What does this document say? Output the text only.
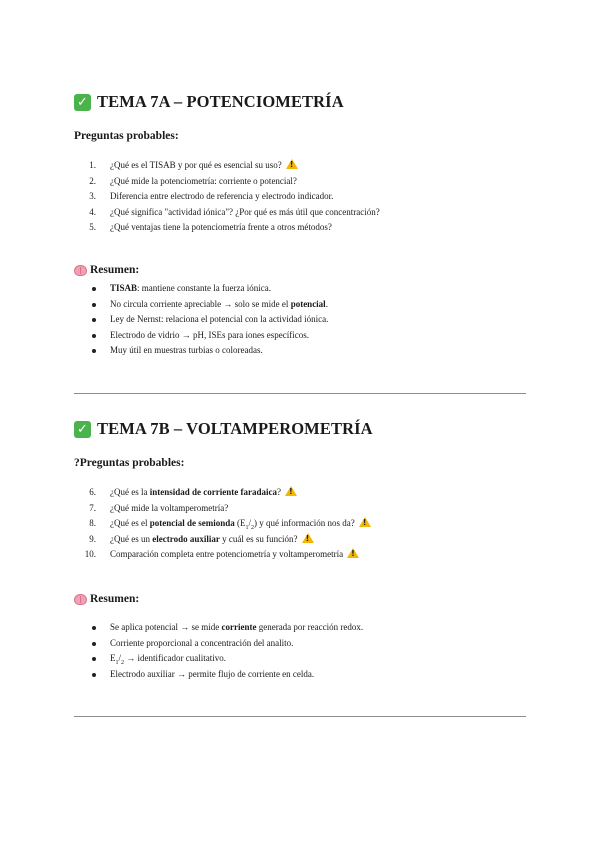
✓ TEMA 7A – POTENCIOMETRÍA
Preguntas probables:
1. ¿Qué es el TISAB y por qué es esencial su uso?!
2. ¿Qué mide la potenciometría: corriente o potencial?
3. Diferencia entre electrodo de referencia y electrodo indicador.
4. ¿Qué significa "actividad iónica"? ¿Por qué es más útil que concentración?
5. ¿Qué ventajas tiene la potenciometría frente a otros métodos?
Resumen:
TISAB: mantiene constante la fuerza iónica.
No circula corriente apreciable → solo se mide el potencial.
Ley de Nernst: relaciona el potencial con la actividad iónica.
Electrodo de vidrio → pH, ISEs para iones específicos.
Muy útil en muestras turbias o coloreadas.
✓ TEMA 7B – VOLTAMPEROMETRÍA
?Preguntas probables:
6. ¿Qué es la intensidad de corriente faradaica?!
7. ¿Qué mide la voltamperometría?
8. ¿Qué es el potencial de semionda $(E_1/_2)$ y qué información nos da?!
9. ¿Qué es un electrodo auxiliar y cuál es su función?!
10. Comparación completa entre potenciometría y voltamperometría!
Resumen:
Se aplica potencial → se mide corriente generada por reacción redox.
Corriente proporcional a concentración del analito.
$E_1/_2$ → identificador cualitativo.
Electrodo auxiliar → permite flujo de corriente en celda.
